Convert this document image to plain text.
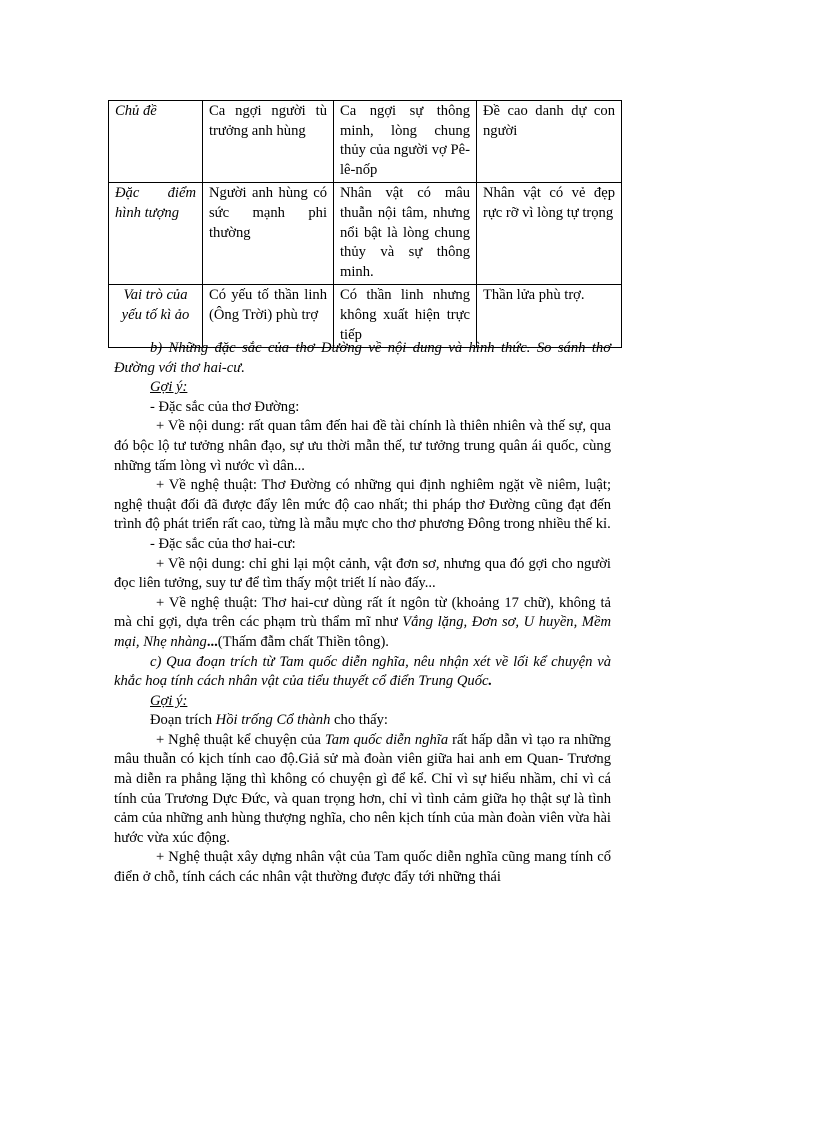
Chủ đề	Ca ngợi người tù trưởng anh hùng	Ca ngợi sự thông minh, lòng chung thủy của người vợ Pê-lê-nốp	Đề cao danh dự con người
Đặc điểm hình tượng	Người anh hùng có sức mạnh phi thường	Nhân vật có mâu thuẫn nội tâm, nhưng nổi bật là lòng chung thủy và sự thông minh.	Nhân vật có vẻ đẹp rực rỡ vì lòng tự trọng
Vai trò của yếu tố kì ảo	Có yếu tố thần linh (Ông Trời) phù trợ	Có thần linh nhưng không xuất hiện trực tiếp	Thần lửa phù trợ.

b) Những đặc sắc của thơ Đường về nội dung và hình thức. So sánh thơ Đường với thơ hai-cư.

Gợi ý:

- Đặc sắc của thơ Đường:

+ Về nội dung: rất quan tâm đến hai đề tài chính là thiên nhiên và thế sự, qua đó bộc lộ tư tưởng nhân đạo, sự ưu thời mẫn thế, tư tưởng trung quân ái quốc, cùng những tấm lòng vì nước vì dân...

+ Về nghệ thuật: Thơ Đường có những qui định nghiêm ngặt về niêm, luật; nghệ thuật đối đã được đẩy lên mức độ cao nhất; thi pháp thơ Đường cũng đạt đến trình độ phát triển rất cao, từng là mẫu mực cho thơ phương Đông trong nhiều thế kỉ.

- Đặc sắc của thơ hai-cư:

+ Về nội dung: chỉ ghi lại một cảnh, vật đơn sơ, nhưng qua đó gợi cho người đọc liên tưởng, suy tư để tìm thấy một triết lí nào đấy...

+ Về nghệ thuật: Thơ hai-cư dùng rất ít ngôn từ (khoảng 17 chữ), không tả mà chỉ gợi, dựa trên các phạm trù thẩm mĩ như Vắng lặng, Đơn sơ, U huyền, Mềm mại, Nhẹ nhàng...(Thấm đẫm chất Thiền tông).

c) Qua đoạn trích từ Tam quốc diễn nghĩa, nêu nhận xét về lối kể chuyện và khắc hoạ tính cách nhân vật của tiểu thuyết cổ điển Trung Quốc.

Gợi ý:

Đoạn trích Hồi trống Cổ thành cho thấy:

+ Nghệ thuật kể chuyện của Tam quốc diễn nghĩa rất hấp dẫn vì tạo ra những mâu thuẫn có kịch tính cao độ.Giả sử mà đoàn viên giữa hai anh em Quan- Trương mà diễn ra phẳng lặng thì không có chuyện gì để kể. Chỉ vì sự hiểu nhầm, chỉ vì cá tính của Trương Dực Đức, và quan trọng hơn, chỉ vì tình cảm giữa họ thật sự là tình cảm của những anh hùng thượng nghĩa, cho nên kịch tính của màn đoàn viên vừa hài hước vừa xúc động.

+ Nghệ thuật xây dựng nhân vật của Tam quốc diễn nghĩa cũng mang tính cổ điển ở chỗ, tính cách các nhân vật thường được đẩy tới những thái
